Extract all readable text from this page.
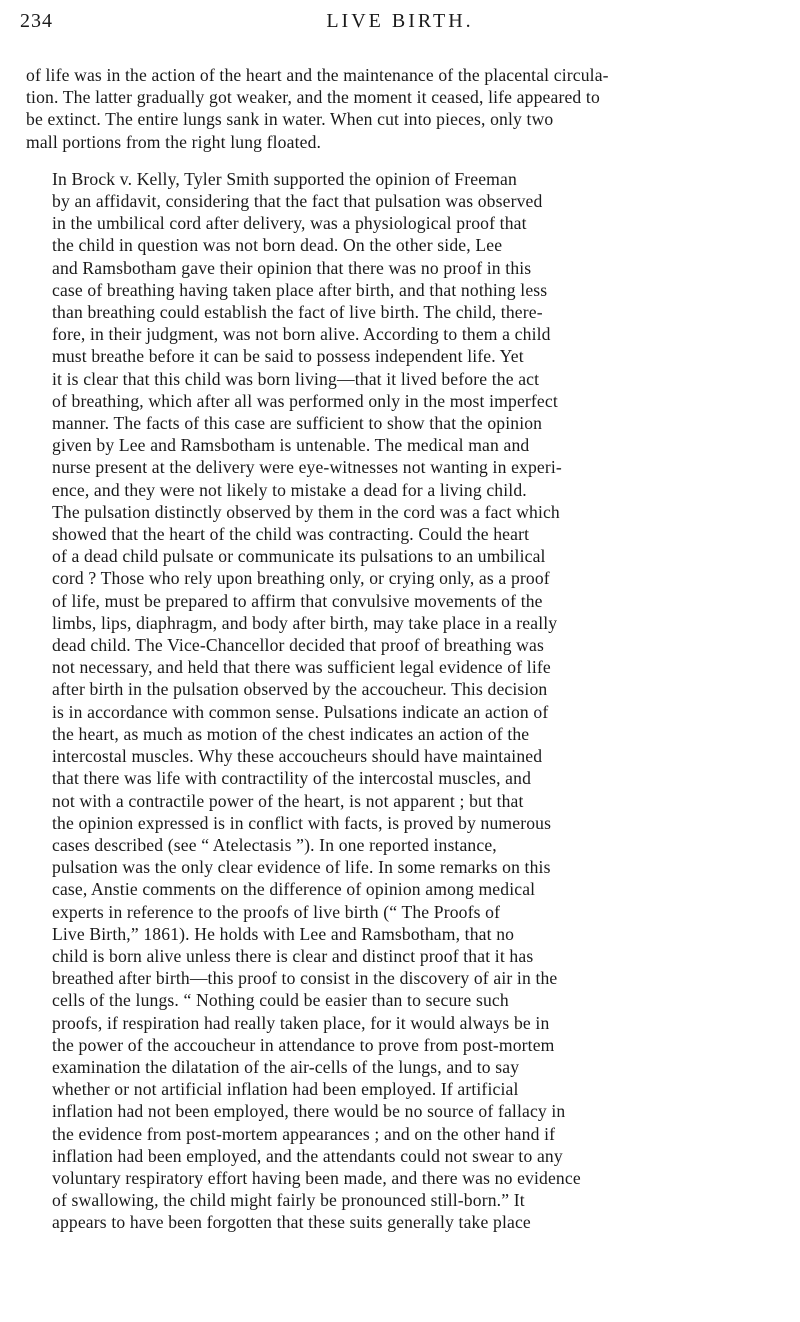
234	LIVE BIRTH.

of life was in the action of the heart and the maintenance of the placental circula-
tion. The latter gradually got weaker, and the moment it ceased, life appeared to
be extinct. The entire lungs sank in water. When cut into pieces, only two
mall portions from the right lung floated.

In Brock v. Kelly, Tyler Smith supported the opinion of Freeman
by an affidavit, considering that the fact that pulsation was observed
in the umbilical cord after delivery, was a physiological proof that
the child in question was not born dead. On the other side, Lee
and Ramsbotham gave their opinion that there was no proof in this
case of breathing having taken place after birth, and that nothing less
than breathing could establish the fact of live birth. The child, there-
fore, in their judgment, was not born alive. According to them a child
must breathe before it can be said to possess independent life. Yet
it is clear that this child was born living—that it lived before the act
of breathing, which after all was performed only in the most imperfect
manner. The facts of this case are sufficient to show that the opinion
given by Lee and Ramsbotham is untenable. The medical man and
nurse present at the delivery were eye-witnesses not wanting in experi-
ence, and they were not likely to mistake a dead for a living child.
The pulsation distinctly observed by them in the cord was a fact which
showed that the heart of the child was contracting. Could the heart
of a dead child pulsate or communicate its pulsations to an umbilical
cord ? Those who rely upon breathing only, or crying only, as a proof
of life, must be prepared to affirm that convulsive movements of the
limbs, lips, diaphragm, and body after birth, may take place in a really
dead child. The Vice-Chancellor decided that proof of breathing was
not necessary, and held that there was sufficient legal evidence of life
after birth in the pulsation observed by the accoucheur. This decision
is in accordance with common sense. Pulsations indicate an action of
the heart, as much as motion of the chest indicates an action of the
intercostal muscles. Why these accoucheurs should have maintained
that there was life with contractility of the intercostal muscles, and
not with a contractile power of the heart, is not apparent ; but that
the opinion expressed is in conflict with facts, is proved by numerous
cases described (see “ Atelectasis ”). In one reported instance,
pulsation was the only clear evidence of life. In some remarks on this
case, Anstie comments on the difference of opinion among medical
experts in reference to the proofs of live birth (“ The Proofs of
Live Birth,” 1861). He holds with Lee and Ramsbotham, that no
child is born alive unless there is clear and distinct proof that it has
breathed after birth—this proof to consist in the discovery of air in the
cells of the lungs. “ Nothing could be easier than to secure such
proofs, if respiration had really taken place, for it would always be in
the power of the accoucheur in attendance to prove from post-mortem
examination the dilatation of the air-cells of the lungs, and to say
whether or not artificial inflation had been employed. If artificial
inflation had not been employed, there would be no source of fallacy in
the evidence from post-mortem appearances ; and on the other hand if
inflation had been employed, and the attendants could not swear to any
voluntary respiratory effort having been made, and there was no evidence
of swallowing, the child might fairly be pronounced still-born.” It
appears to have been forgotten that these suits generally take place
